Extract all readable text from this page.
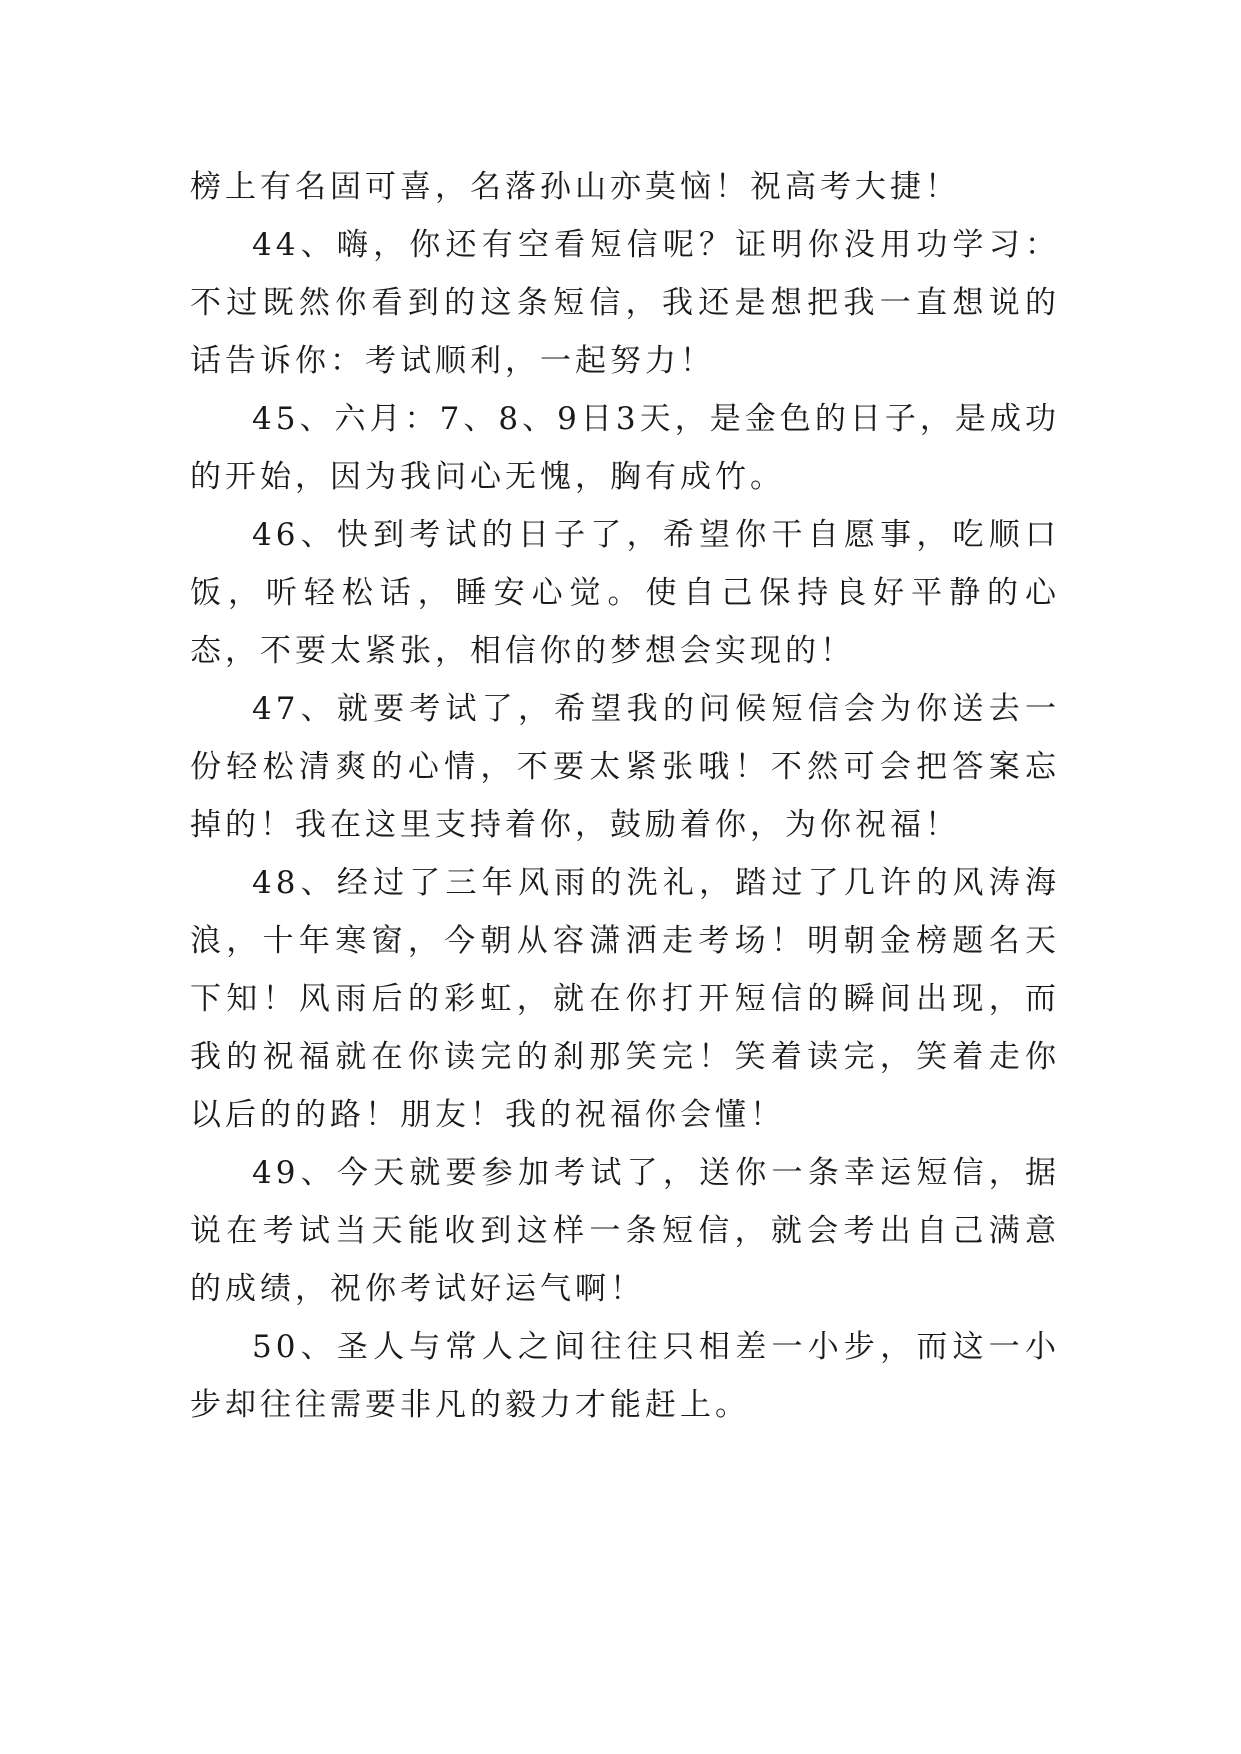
榜上有名固可喜，名落孙山亦莫恼！祝高考大捷！

44、嗨，你还有空看短信呢？证明你没用功学习：不过既然你看到的这条短信，我还是想把我一直想说的话告诉你：考试顺利，一起努力！

45、六月：7、8、9日3天，是金色的日子，是成功的开始，因为我问心无愧，胸有成竹。

46、快到考试的日子了，希望你干自愿事，吃顺口饭，听轻松话，睡安心觉。使自己保持良好平静的心态，不要太紧张，相信你的梦想会实现的！

47、就要考试了，希望我的问候短信会为你送去一份轻松清爽的心情，不要太紧张哦！不然可会把答案忘掉的！我在这里支持着你，鼓励着你，为你祝福！

48、经过了三年风雨的洗礼，踏过了几许的风涛海浪，十年寒窗，今朝从容潇洒走考场！明朝金榜题名天下知！风雨后的彩虹，就在你打开短信的瞬间出现，而我的祝福就在你读完的刹那笑完！笑着读完，笑着走你以后的的路！朋友！我的祝福你会懂！

49、今天就要参加考试了，送你一条幸运短信，据说在考试当天能收到这样一条短信，就会考出自己满意的成绩，祝你考试好运气啊！

50、圣人与常人之间往往只相差一小步，而这一小步却往往需要非凡的毅力才能赶上。
